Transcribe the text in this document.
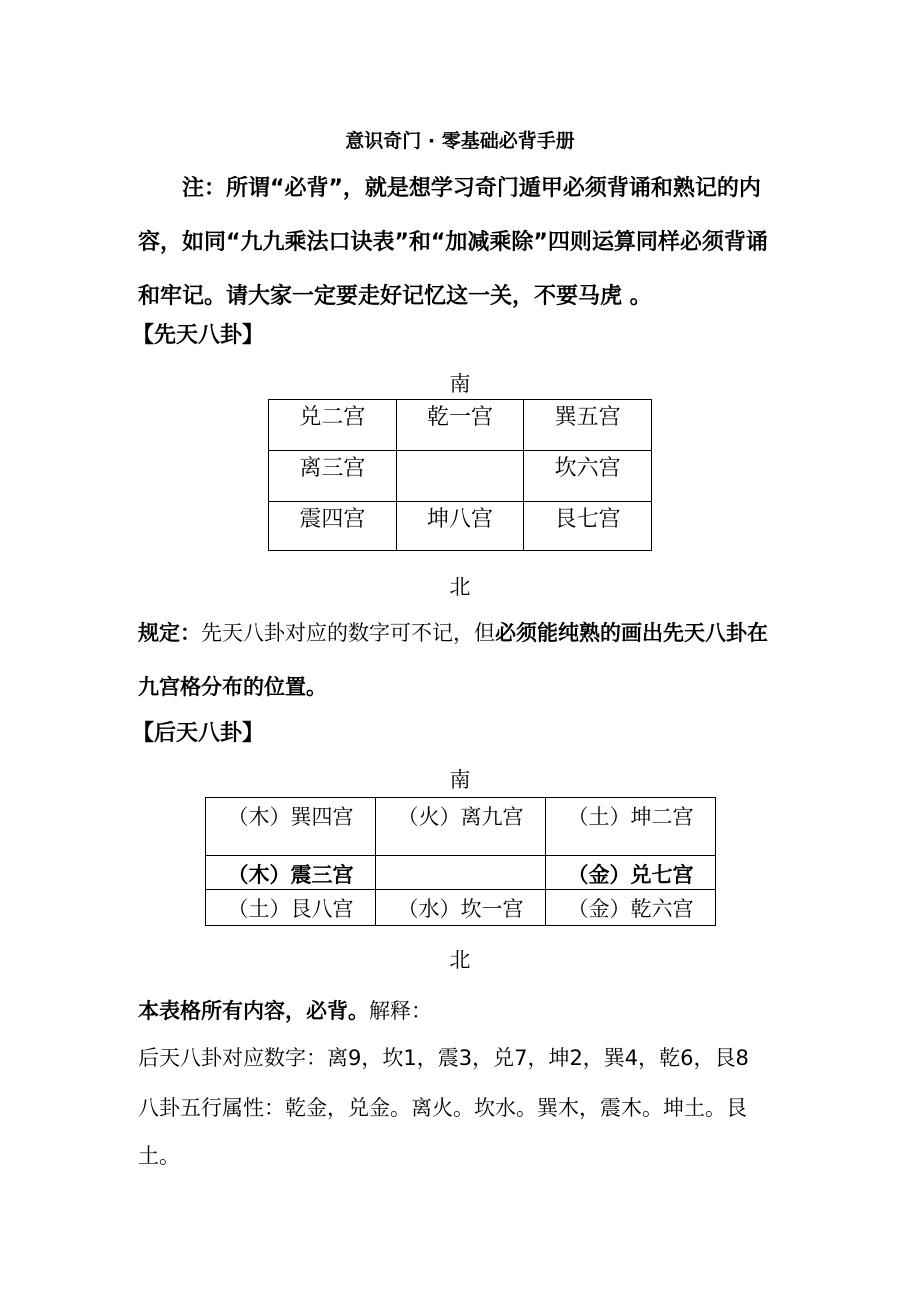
意识奇门 · 零基础必背手册
注：所谓“必背”，就是想学习奇门遁甲必须背诵和熟记的内容，如同“九九乘法口诀表”和“加减乘除”四则运算同样必须背诵和牢记。请大家一定要走好记忆这一关，不要马虎 。
【先天八卦】
南
兑二宫	乾一宫	巽五宫
离三宫		坎六宫
震四宫	坤八宫	艮七宫
北
规定：先天八卦对应的数字可不记，但必须能纯熟的画出先天八卦在九宫格分布的位置。
【后天八卦】
南
（木）巽四宫	（火）离九宫	（土）坤二宫
（木）震三宫		（金）兑七宫
（土）艮八宫	（水）坎一宫	（金）乾六宫
北
本表格所有内容，必背。解释：
后天八卦对应数字：离9，坎1，震3，兑7，坤2，巽4，乾6，艮8
八卦五行属性：乾金，兑金。离火。坎水。巽木，震木。坤土。艮
土。
